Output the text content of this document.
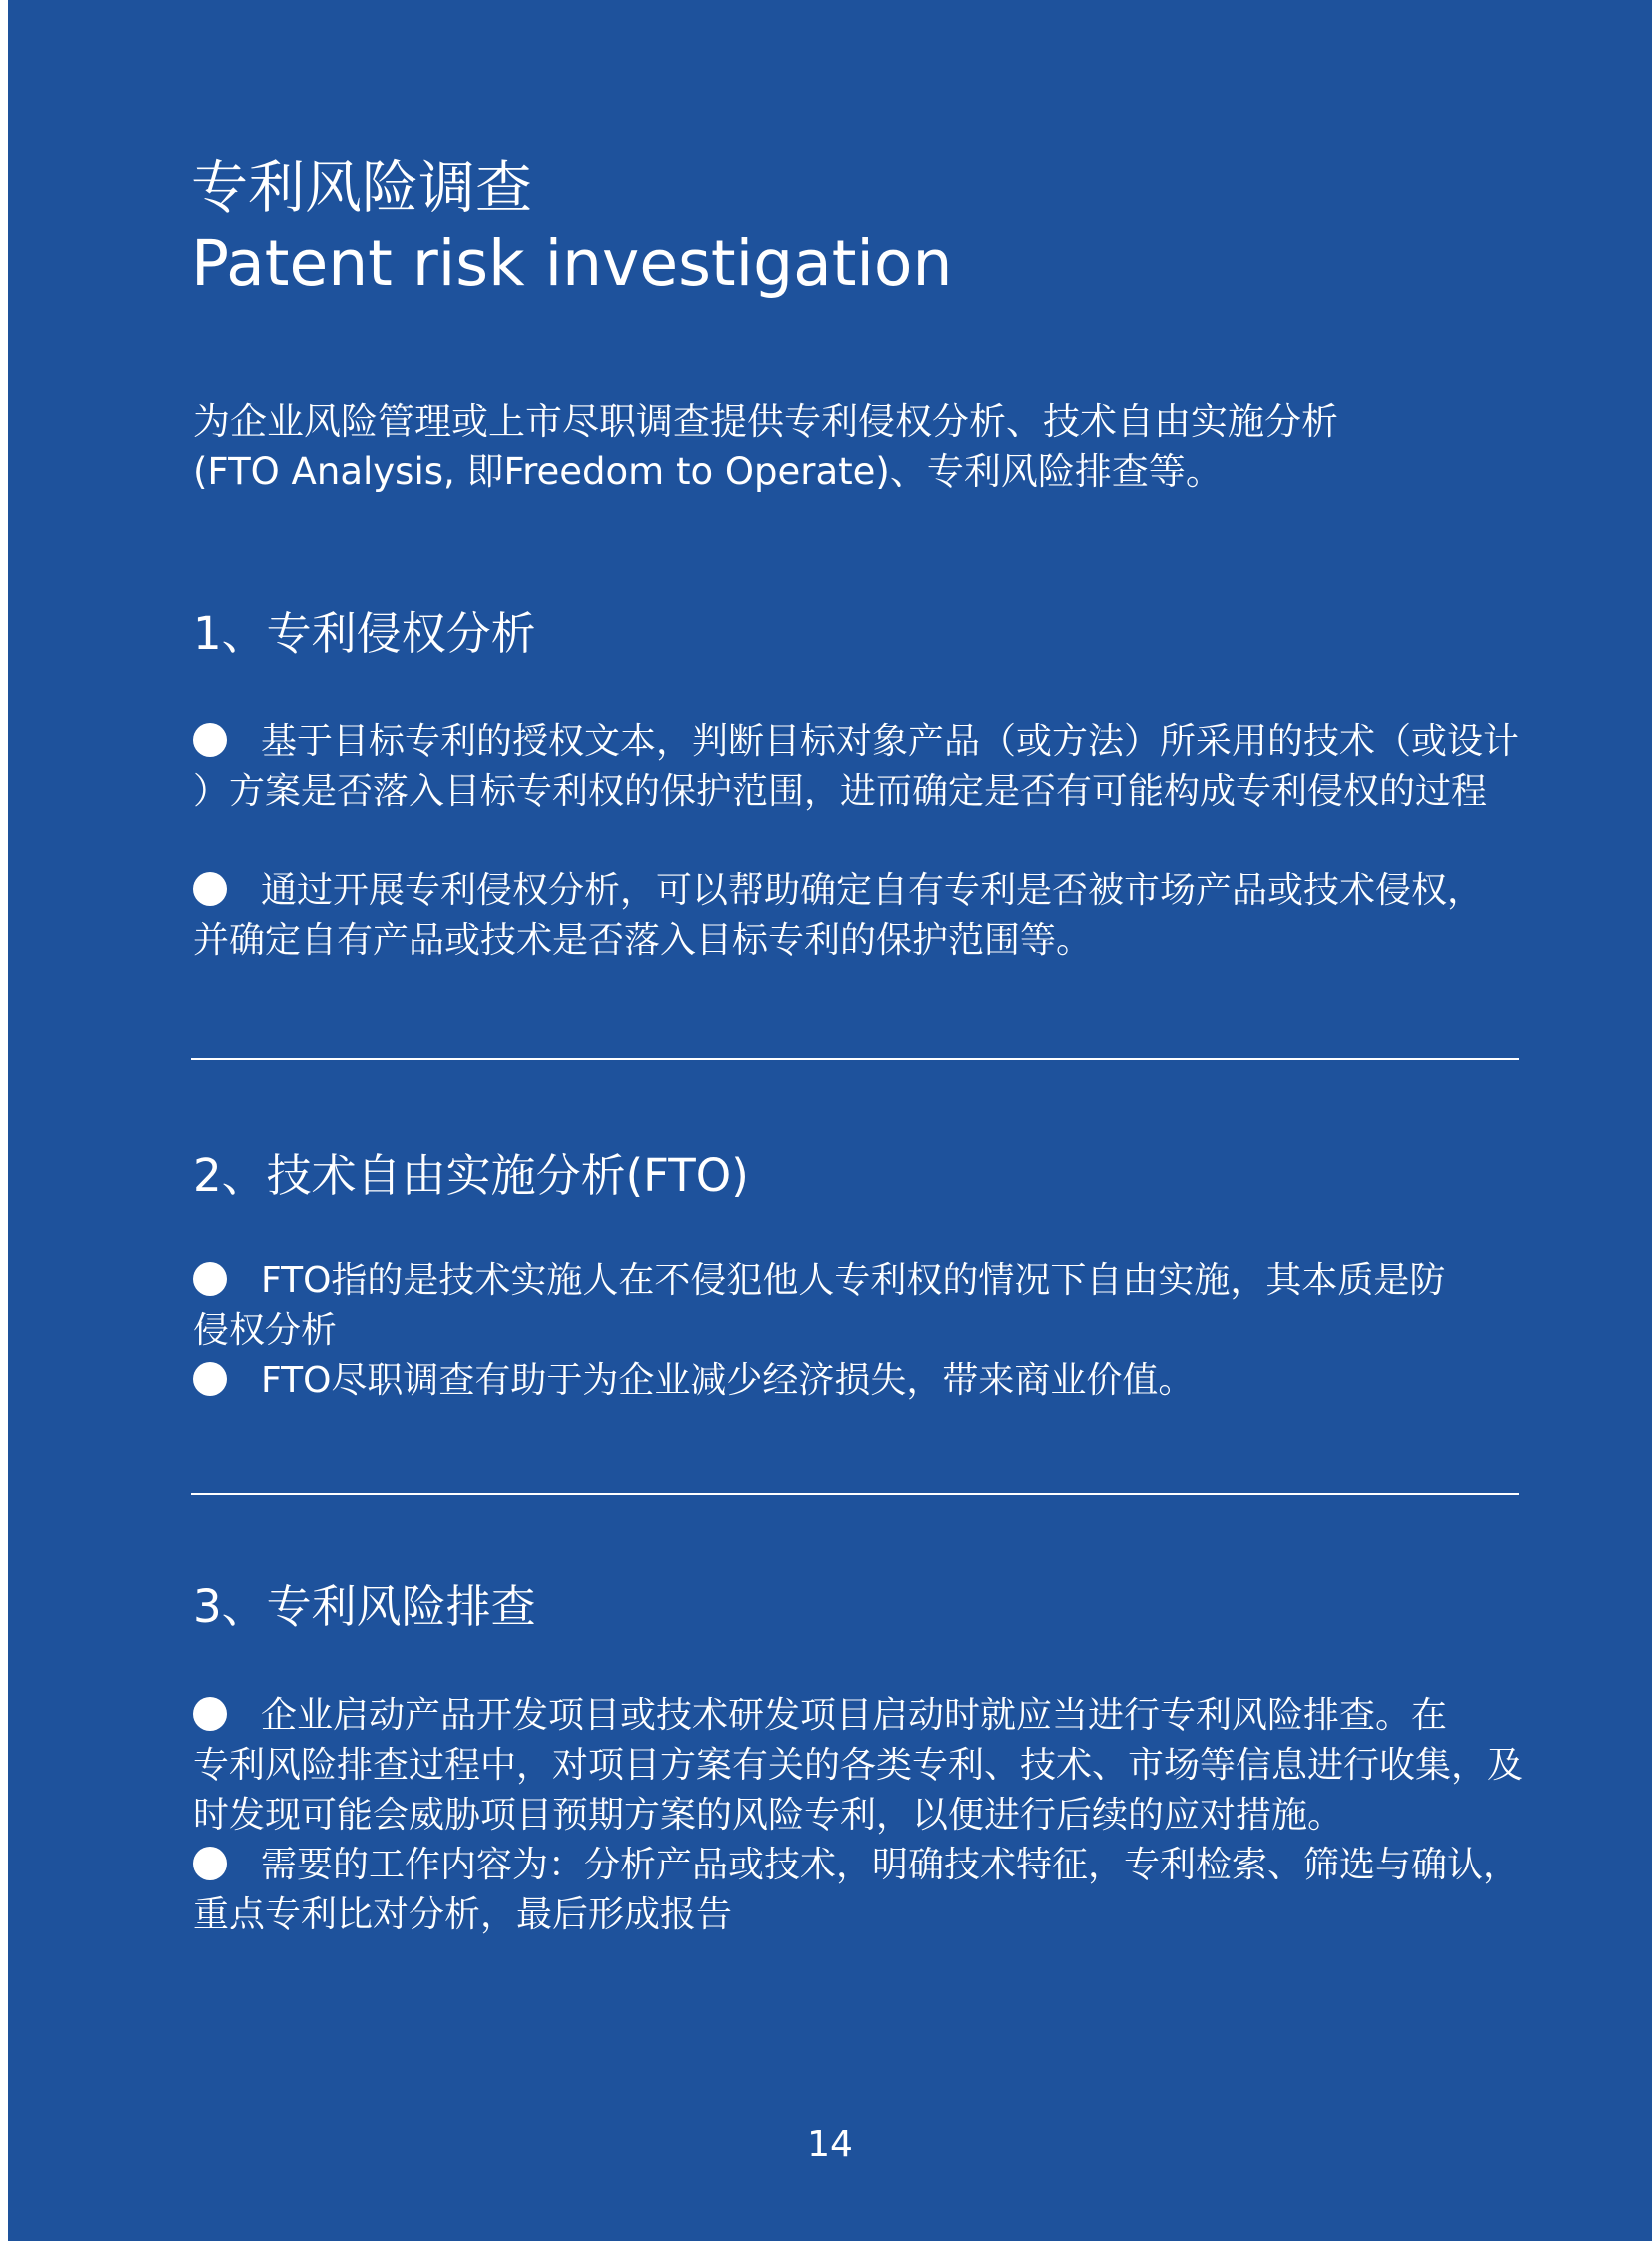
专利风险调查
Patent risk investigation

为企业风险管理或上市尽职调查提供专利侵权分析、技术自由实施分析

(FTO Analysis, 即Freedom to Operate)、专利风险排查等。

1、专利侵权分析
基于目标专利的授权文本，判断目标对象产品（或方法）所采用的技术（或设计
）方案是否落入目标专利权的保护范围，进而确定是否有可能构成专利侵权的过程
通过开展专利侵权分析，可以帮助确定自有专利是否被市场产品或技术侵权，
并确定自有产品或技术是否落入目标专利的保护范围等。
2、技术自由实施分析(FTO)
FTO指的是技术实施人在不侵犯他人专利权的情况下自由实施，其本质是防
侵权分析
FTO尽职调查有助于为企业减少经济损失，带来商业价值。
3、专利风险排查
企业启动产品开发项目或技术研发项目启动时就应当进行专利风险排查。在
专利风险排查过程中，对项目方案有关的各类专利、技术、市场等信息进行收集，及
时发现可能会威胁项目预期方案的风险专利，以便进行后续的应对措施。
需要的工作内容为：分析产品或技术，明确技术特征，专利检索、筛选与确认，
重点专利比对分析，最后形成报告
14
